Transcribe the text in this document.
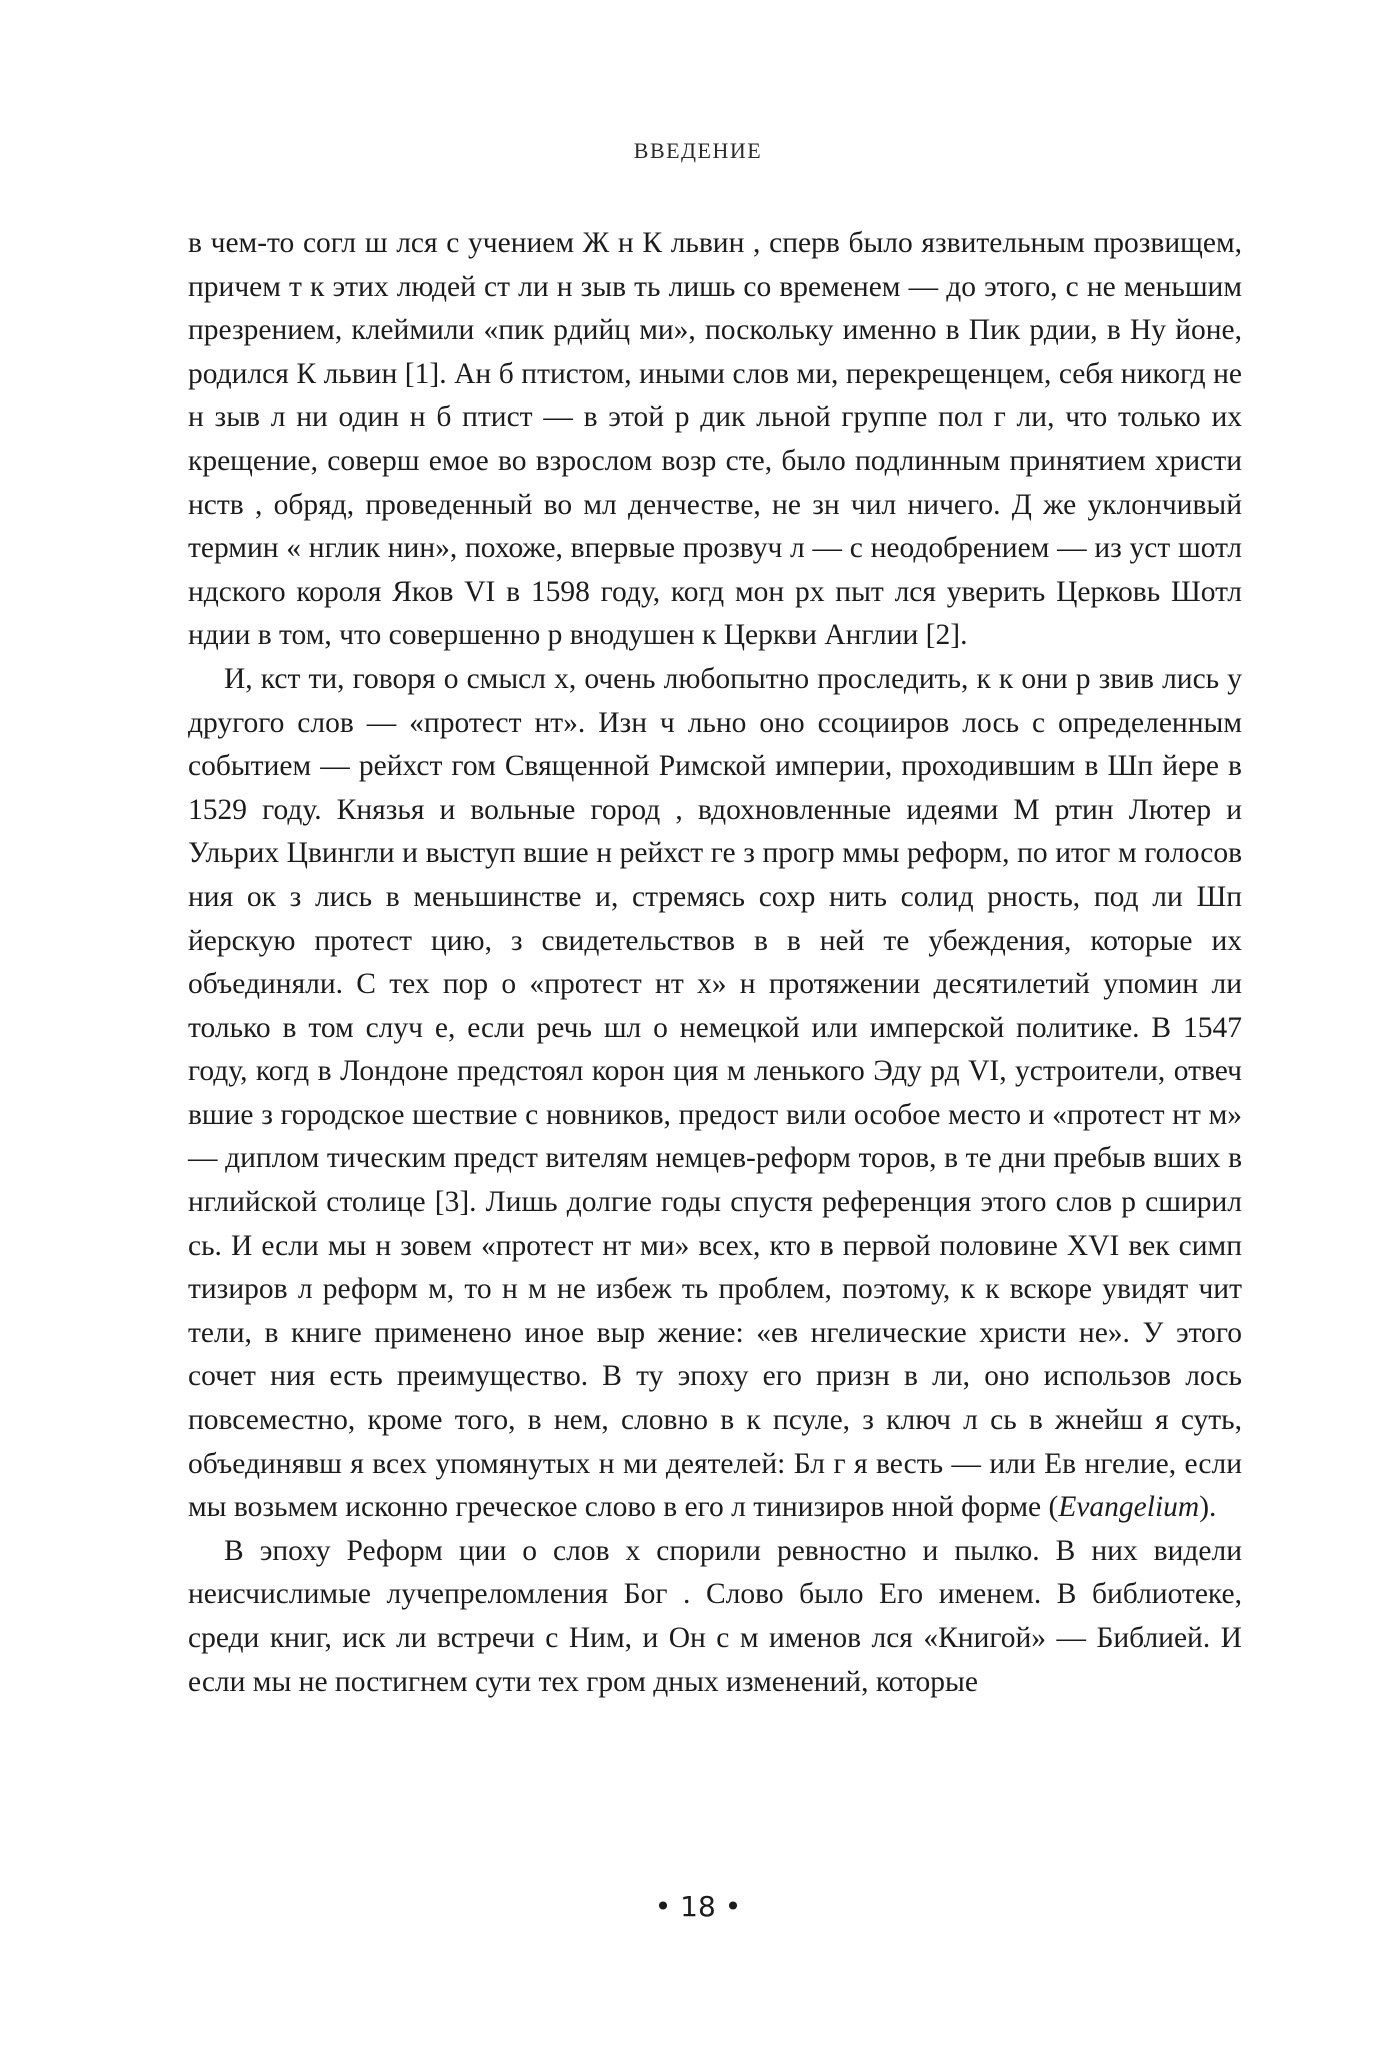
ВВЕДЕНИЕ

в чем-то согл ш лся с учением Ж н К львин , сперв было язвительным прозвищем, причем т к этих людей ст ли н зыв ть лишь со временем — до этого, с не меньшим презрением, клеймили «пик рдийц ми», поскольку именно в Пик рдии, в Ну йоне, родился К львин [1]. Ан б птистом, иными слов ми, перекрещенцем, себя никогд не н зыв л ни один н б птист — в этой р дик льной группе пол г ли, что только их крещение, соверш емое во взрослом возр сте, было подлинным принятием христи нств , обряд, проведенный во мл денчестве, не зн чил ничего. Д же уклончивый термин « нглик нин», похоже, впервые прозвуч л — с неодобрением — из уст шотл ндского короля Яков VI в 1598 году, когд мон рх пыт лся уверить Церковь Шотл ндии в том, что совершенно р внодушен к Церкви Англии [2].

И, кст ти, говоря о смысл х, очень любопытно проследить, к к они р звив лись у другого слов — «протест нт». Изн ч льно оно ссоцииров лось с определенным событием — рейхст гом Священной Римской империи, проходившим в Шп йере в 1529 году. Князья и вольные город , вдохновленные идеями М ртин Лютер и Ульрих Цвингли и выступ вшие н рейхст ге з прогр ммы реформ, по итог м голосов ния ок з лись в меньшинстве и, стремясь сохр нить солид рность, под ли Шп йерскую протест цию, з свидетельствов в в ней те убеждения, которые их объединяли. С тех пор о «протест нт х» н протяжении десятилетий упомин ли только в том случ е, если речь шл о немецкой или имперской политике. В 1547 году, когд в Лондоне предстоял корон ция м ленького Эду рд VI, устроители, отвеч вшие з городское шествие с новников, предост вили особое место и «протест нт м» — диплом тическим предст вителям немцев-реформ торов, в те дни пребыв вших в нглийской столице [3]. Лишь долгие годы спустя референция этого слов р сширил сь. И если мы н зовем «протест нт ми» всех, кто в первой половине XVI век симп тизиров л реформ м, то н м не избеж ть проблем, поэтому, к к вскоре увидят чит тели, в книге применено иное выр жение: «ев нгелические христи не». У этого сочет ния есть преимущество. В ту эпоху его призн в ли, оно использов лось повсеместно, кроме того, в нем, словно в к псуле, з ключ л сь в жнейш я суть, объединявш я всех упомянутых н ми деятелей: Бл г я весть — или Ев нгелие, если мы возьмем исконно греческое слово в его л тинизиров нной форме (Evangelium).

В эпоху Реформ ции о слов х спорили ревностно и пылко. В них видели неисчислимые лучепреломления Бог . Слово было Его именем. В библиотеке, среди книг, иск ли встречи с Ним, и Он с м именов лся «Книгой» — Библией. И если мы не постигнем сути тех гром дных изменений, которые

• 18 •
